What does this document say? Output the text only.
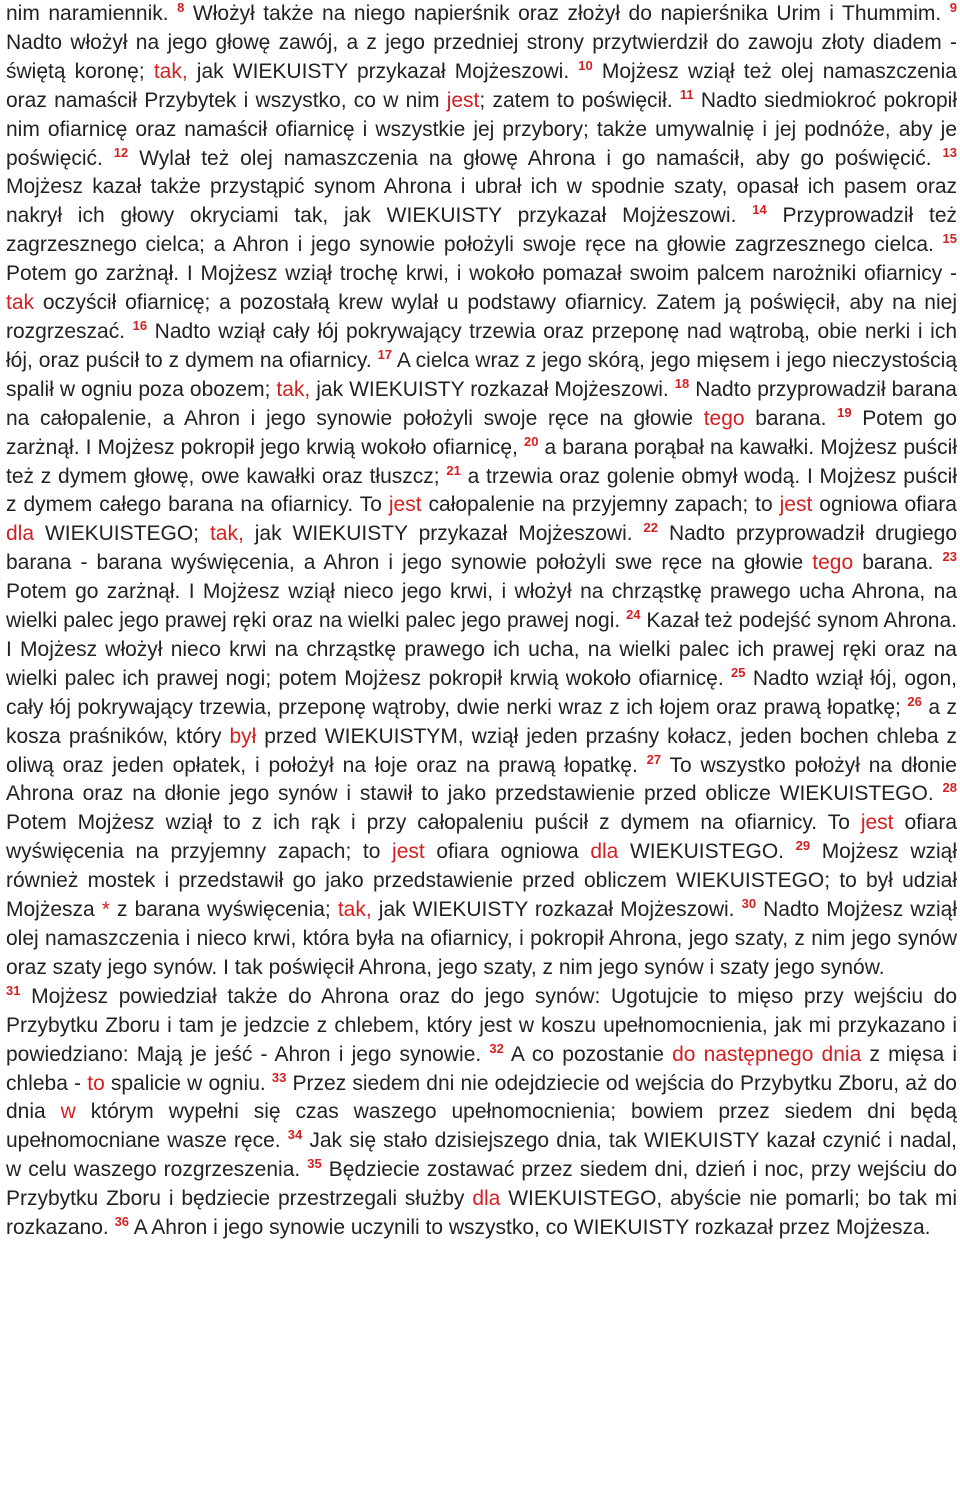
nim naramiennik. $^8$ Włożył także na niego napierśnik oraz złożył do napierśnika Urim i Thummim. $^9$ Nadto włożył na jego głowę zawój, a z jego przedniej strony przytwierdził do zawoju złoty diadem - świętą koronę; tak, jak WIEKUISTY przykazał Mojżeszowi. $^{10}$ Mojżesz wziął też olej namaszczenia oraz namaścił Przybytek i wszystko, co w nim jest; zatem to poświęcił. $^{11}$ Nadto siedmiokroć pokropił nim ofiarnicę oraz namaścił ofiarnicę i wszystkie jej przybory; także umywalnię i jej podnóże, aby je poświęcić. $^{12}$ Wylał też olej namaszczenia na głowę Ahrona i go namaścił, aby go poświęcić. $^{13}$ Mojżesz kazał także przystąpić synom Ahrona i ubrał ich w spodnie szaty, opasał ich pasem oraz nakrył ich głowy okryciami tak, jak WIEKUISTY przykazał Mojżeszowi. $^{14}$ Przyprowadził też zagrzesznego cielca; a Ahron i jego synowie położyli swoje ręce na głowie zagrzesznego cielca. $^{15}$ Potem go zarżnął. I Mojżesz wziął trochę krwi, i wokoło pomazał swoim palcem narożniki ofiarnicy - tak oczyścił ofiarnicę; a pozostałą krew wylał u podstawy ofiarnicy. Zatem ją poświęcił, aby na niej rozgrzeszać. $^{16}$ Nadto wziął cały łój pokrywający trzewia oraz przeponę nad wątrobą, obie nerki i ich łój, oraz puścił to z dymem na ofiarnicy. $^{17}$ A cielca wraz z jego skórą, jego mięsem i jego nieczystością spalił w ogniu poza obozem; tak, jak WIEKUISTY rozkazał Mojżeszowi. $^{18}$ Nadto przyprowadził barana na całopalenie, a Ahron i jego synowie położyli swoje ręce na głowie tego barana. $^{19}$ Potem go zarżnął. I Mojżesz pokropił jego krwią wokoło ofiarnicę, $^{20}$ a barana porąbał na kawałki. Mojżesz puścił też z dymem głowę, owe kawałki oraz tłuszcz; $^{21}$ a trzewia oraz golenie obmył wodą. I Mojżesz puścił z dymem całego barana na ofiarnicy. To jest całopalenie na przyjemny zapach; to jest ogniowa ofiara dla WIEKUISTEGO; tak, jak WIEKUISTY przykazał Mojżeszowi. $^{22}$ Nadto przyprowadził drugiego barana - barana wyświęcenia, a Ahron i jego synowie położyli swe ręce na głowie tego barana. $^{23}$ Potem go zarżnął. I Mojżesz wziął nieco jego krwi, i włożył na chrząstkę prawego ucha Ahrona, na wielki palec jego prawej ręki oraz na wielki palec jego prawej nogi. $^{24}$ Kazał też podejść synom Ahrona. I Mojżesz włożył nieco krwi na chrząstkę prawego ich ucha, na wielki palec ich prawej ręki oraz na wielki palec ich prawej nogi; potem Mojżesz pokropił krwią wokoło ofiarnicę. $^{25}$ Nadto wziął łój, ogon, cały łój pokrywający trzewia, przeponę wątroby, dwie nerki wraz z ich łojem oraz prawą łopatkę; $^{26}$ a z kosza praśników, który był przed WIEKUISTYM, wziął jeden przaśny kołacz, jeden bochen chleba z oliwą oraz jeden opłatek, i położył na łoje oraz na prawą łopatkę. $^{27}$ To wszystko położył na dłonie Ahrona oraz na dłonie jego synów i stawił to jako przedstawienie przed oblicze WIEKUISTEGO. $^{28}$ Potem Mojżesz wziął to z ich rąk i przy całopaleniu puścił z dymem na ofiarnicy. To jest ofiara wyświęcenia na przyjemny zapach; to jest ofiara ogniowa dla WIEKUISTEGO. $^{29}$ Mojżesz wziął również mostek i przedstawił go jako przedstawienie przed obliczem WIEKUISTEGO; to był udział Mojżesza * z barana wyświęcenia; tak, jak WIEKUISTY rozkazał Mojżeszowi. $^{30}$ Nadto Mojżesz wziął olej namaszczenia i nieco krwi, która była na ofiarnicy, i pokropił Ahrona, jego szaty, z nim jego synów oraz szaty jego synów. I tak poświęcił Ahrona, jego szaty, z nim jego synów i szaty jego synów.

$^{31}$ Mojżesz powiedział także do Ahrona oraz do jego synów: Ugotujcie to mięso przy wejściu do Przybytku Zboru i tam je jedzcie z chlebem, który jest w koszu upełnomocnienia, jak mi przykazano i powiedziano: Mają je jeść - Ahron i jego synowie. $^{32}$ A co pozostanie do następnego dnia z mięsa i chleba - to spalicie w ogniu. $^{33}$ Przez siedem dni nie odejdziecie od wejścia do Przybytku Zboru, aż do dnia w którym wypełni się czas waszego upełnomocnienia; bowiem przez siedem dni będą upełnomocniane wasze ręce. $^{34}$ Jak się stało dzisiejszego dnia, tak WIEKUISTY kazał czynić i nadal, w celu waszego rozgrzeszenia. $^{35}$ Będziecie zostawać przez siedem dni, dzień i noc, przy wejściu do Przybytku Zboru i będziecie przestrzegali służby dla WIEKUISTEGO, abyście nie pomarli; bo tak mi rozkazano. $^{36}$ A Ahron i jego synowie uczynili to wszystko, co WIEKUISTY rozkazał przez Mojżesza.
